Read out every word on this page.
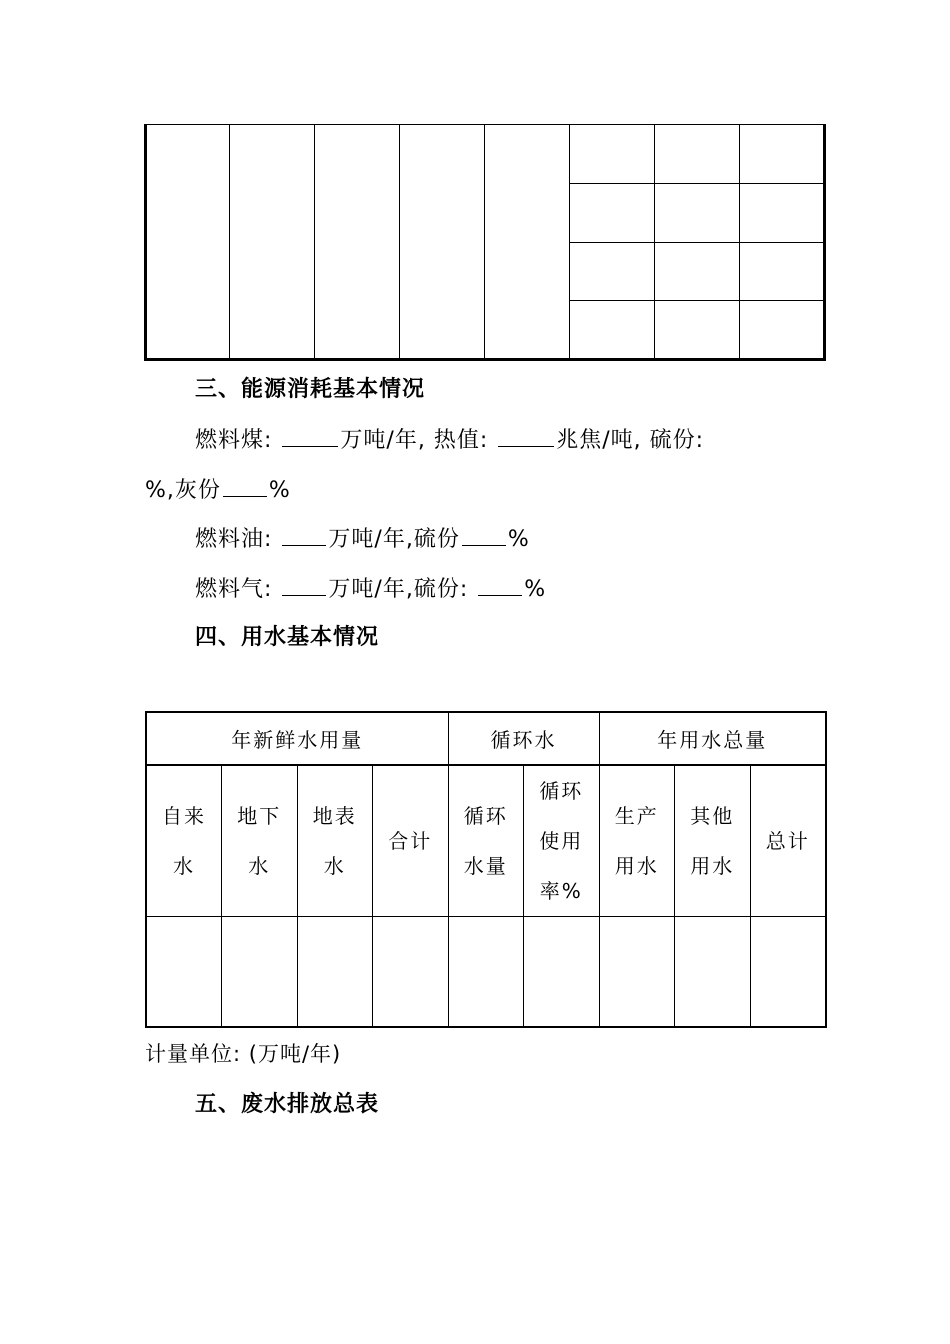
三、能源消耗基本情况
燃料煤:	万吨/年, 热值:	兆焦/吨, 硫份:
%,灰份 %
燃料油:	万吨/年,硫份 %
燃料气:	万吨/年,硫份:	%
四、用水基本情况
年新鲜水用量				循环水		年用水总量		
自来水	地下水	地表水	合计	循环水量	循环使用率%	生产用水	其他用水	总计

计量单位: (万吨/年)
五、废水排放总表
